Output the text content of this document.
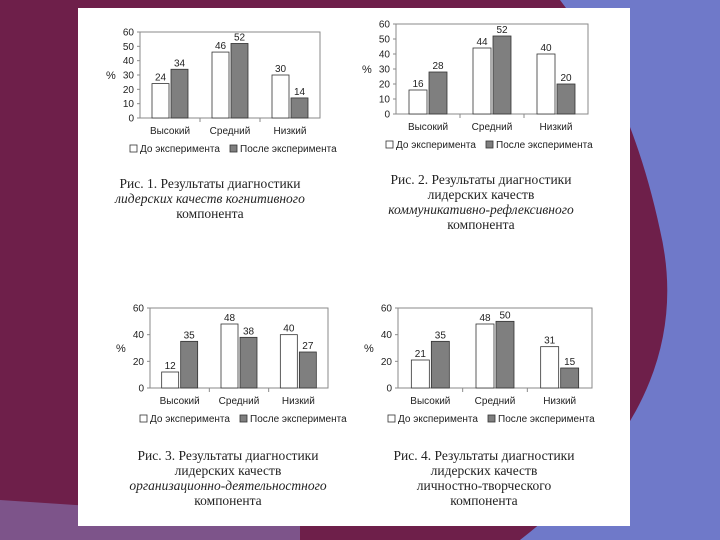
0
10
20
30
40
50
60
%
Высокий
24
34
Средний
46
52
Низкий
30
14
До эксперимента После эксперимента
Рис. 1. Результаты диагностики
лидерских качеств когнитивного
компонента
0
10
20
30
40
50
60
%
Высокий
16
28
Средний
44
52
Низкий
40
20
До эксперимента После эксперимента
Рис. 2. Результаты диагностики
лидерских качеств
коммуникативно-рефлексивного
компонента
0
20
40
60
%
Высокий
12
35
Средний
48
38
Низкий
40
27
До эксперимента После эксперимента
Рис. 3. Результаты диагностики
лидерских качеств
организационно-деятельностного
компонента
0
20
40
60
%
Высокий
21
35
Средний
48 50
Низкий
31
15
До эксперимента После эксперимента
Рис. 4. Результаты диагностики
лидерских качеств
личностно-творческого
компонента
